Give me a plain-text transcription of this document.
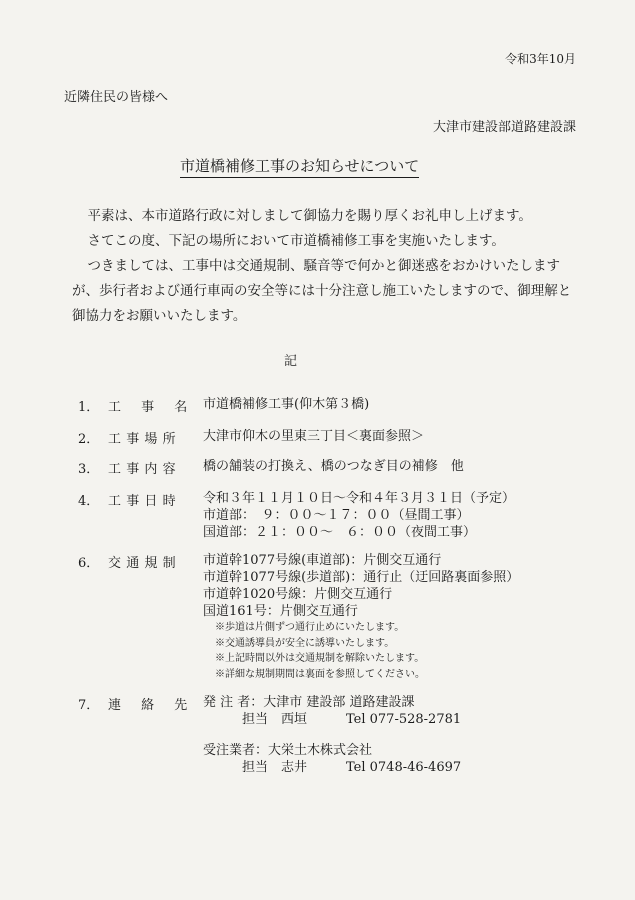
令和3年10月
近隣住民の皆様へ
大津市建設部道路建設課
市道橋補修工事のお知らせについて

平素は、本市道路行政に対しまして御協力を賜り厚くお礼申し上げます。

さてこの度、下記の場所において市道橋補修工事を実施いたします。

つきましては、工事中は交通規制、騒音等で何かと御迷惑をおかけいたしますが、歩行者および通行車両の安全等には十分注意し施工いたしますので、御理解と御協力をお願いいたします。

記
1． 工事名
市道橋補修工事(仰木第３橋)
2． 工事場所 大津市仰木の里東三丁目＜裏面参照＞
3． 工事内容 橋の舗装の打換え、橋のつなぎ目の補修　他
4． 工事日時 令和３年１１月１０日～令和４年３月３１日（予定）
市道部：　９：００～１７：００（昼間工事）
国道部：２１：００～　６：００（夜間工事）
6． 交通規制 市道幹1077号線(車道部)：片側交互通行
市道幹1077号線(歩道部)：通行止（迂回路裏面参照）
市道幹1020号線：片側交互通行
国道161号：片側交互通行
※歩道は片側ずつ通行止めにいたします。
※交通誘導員が安全に誘導いたします。
※上記時間以外は交通規制を解除いたします。
※詳細な規制期間は裏面を参照してください。
7． 連絡先
発 注 者：大津市 建設部 道路建設課
　　　担当　西垣　　　Tel 077-528-2781
受注業者：大栄土木株式会社
　　　担当　志井　　　Tel 0748-46-4697
